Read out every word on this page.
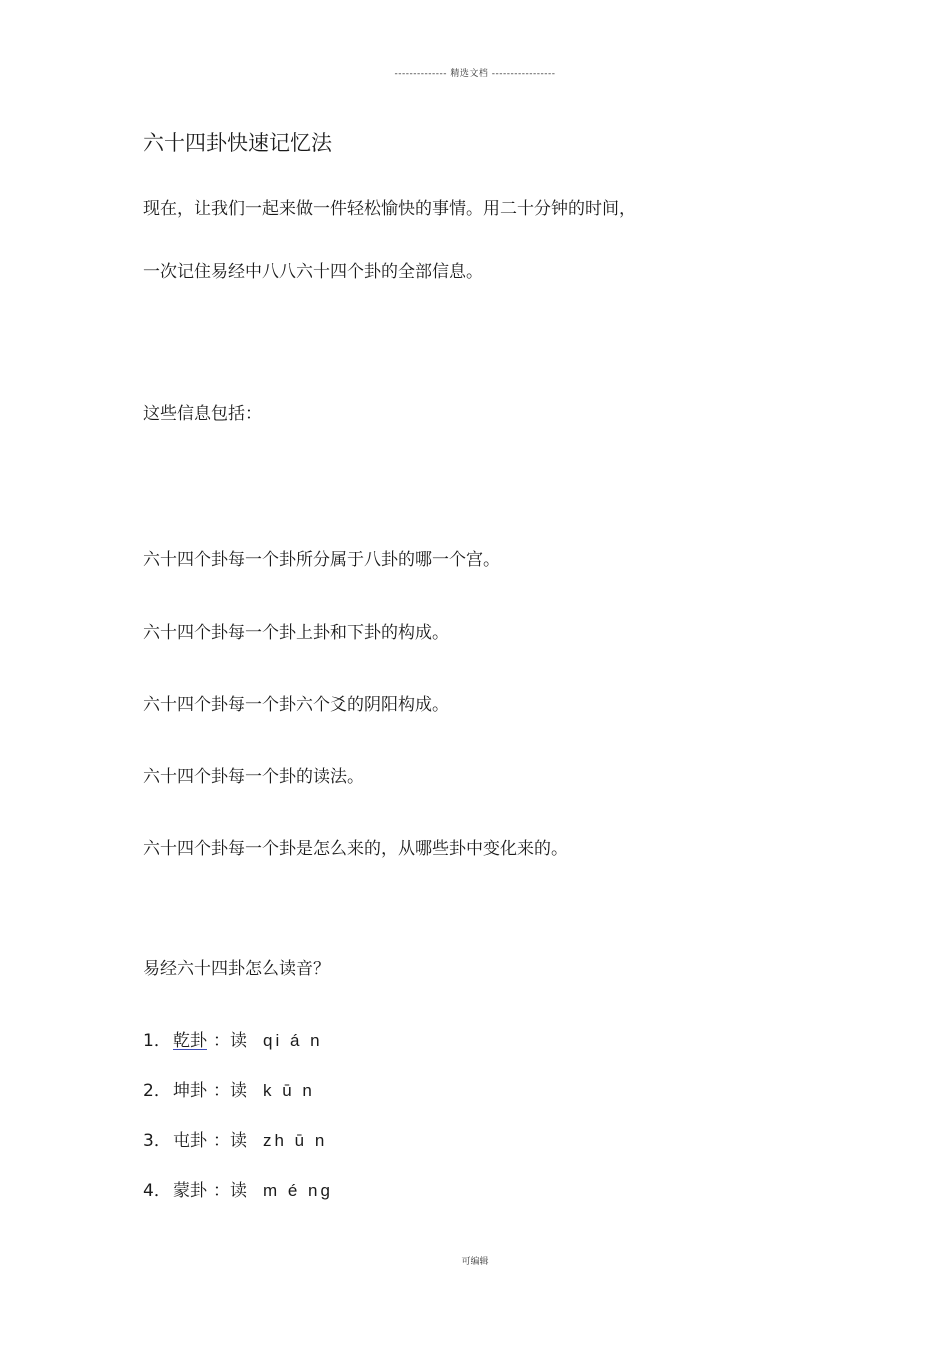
-------------- 精选文档 -----------------
六十四卦快速记忆法
现在，让我们一起来做一件轻松愉快的事情。用二十分钟的时间，
一次记住易经中八八六十四个卦的全部信息。
这些信息包括：
六十四个卦每一个卦所分属于八卦的哪一个宫。
六十四个卦每一个卦上卦和下卦的构成。
六十四个卦每一个卦六个爻的阴阳构成。
六十四个卦每一个卦的读法。
六十四个卦每一个卦是怎么来的，从哪些卦中变化来的。
易经六十四卦怎么读音？
1． 乾卦 ：读 qi á n
2． 坤卦 ：读 k ū n
3． 屯卦 ：读 zh ū n
4． 蒙卦 ：读 m é ng
可编辑
